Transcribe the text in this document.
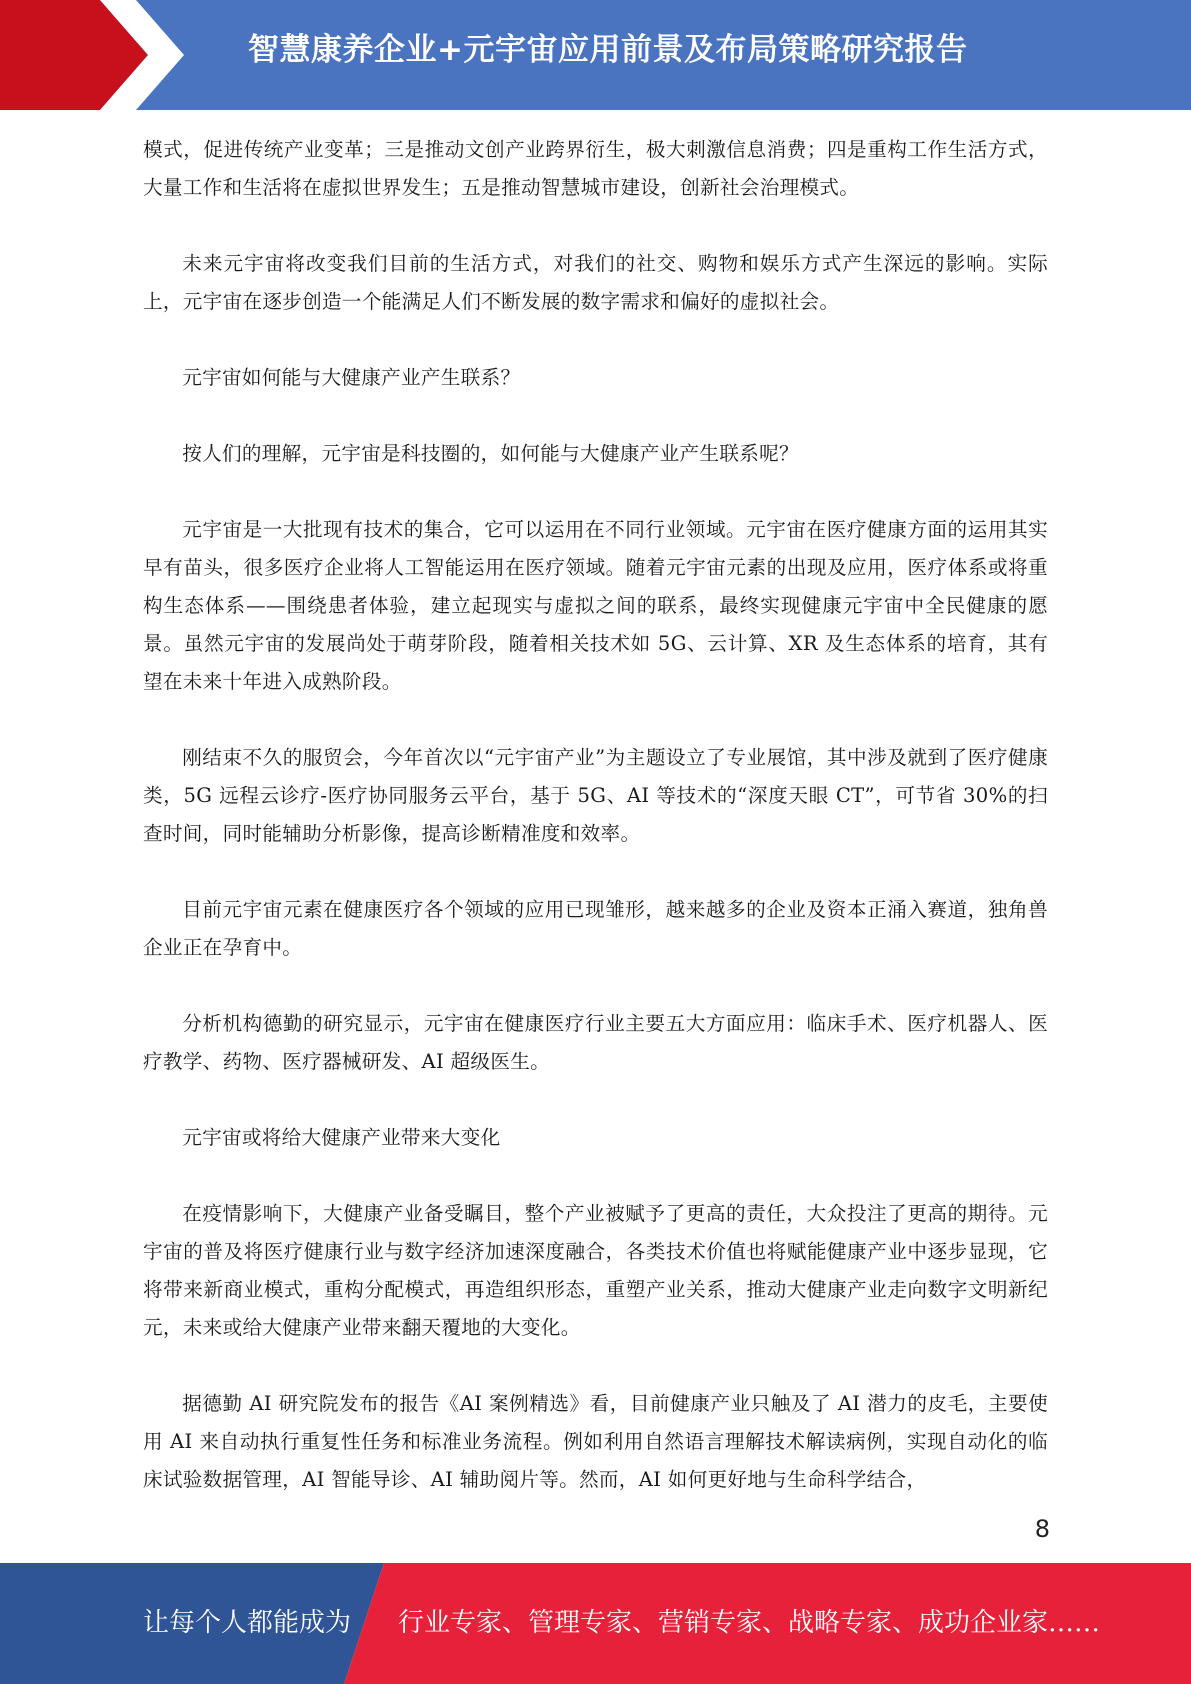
智慧康养企业+元宇宙应用前景及布局策略研究报告

模式，促进传统产业变革；三是推动文创产业跨界衍生，极大刺激信息消费；四是重构工作生活方式，大量工作和生活将在虚拟世界发生；五是推动智慧城市建设，创新社会治理模式。

未来元宇宙将改变我们目前的生活方式，对我们的社交、购物和娱乐方式产生深远的影响。实际上，元宇宙在逐步创造一个能满足人们不断发展的数字需求和偏好的虚拟社会。

元宇宙如何能与大健康产业产生联系？

按人们的理解，元宇宙是科技圈的，如何能与大健康产业产生联系呢？

元宇宙是一大批现有技术的集合，它可以运用在不同行业领域。元宇宙在医疗健康方面的运用其实早有苗头，很多医疗企业将人工智能运用在医疗领域。随着元宇宙元素的出现及应用，医疗体系或将重构生态体系——围绕患者体验，建立起现实与虚拟之间的联系，最终实现健康元宇宙中全民健康的愿景。虽然元宇宙的发展尚处于萌芽阶段，随着相关技术如 5G、云计算、XR 及生态体系的培育，其有望在未来十年进入成熟阶段。

刚结束不久的服贸会，今年首次以“元宇宙产业”为主题设立了专业展馆，其中涉及就到了医疗健康类，5G 远程云诊疗-医疗协同服务云平台，基于 5G、AI 等技术的“深度天眼 CT”，可节省 30%的扫查时间，同时能辅助分析影像，提高诊断精准度和效率。

目前元宇宙元素在健康医疗各个领域的应用已现雏形，越来越多的企业及资本正涌入赛道，独角兽企业正在孕育中。

分析机构德勤的研究显示，元宇宙在健康医疗行业主要五大方面应用：临床手术、医疗机器人、医疗教学、药物、医疗器械研发、AI 超级医生。

元宇宙或将给大健康产业带来大变化

在疫情影响下，大健康产业备受瞩目，整个产业被赋予了更高的责任，大众投注了更高的期待。元宇宙的普及将医疗健康行业与数字经济加速深度融合，各类技术价值也将赋能健康产业中逐步显现，它将带来新商业模式，重构分配模式，再造组织形态，重塑产业关系，推动大健康产业走向数字文明新纪元，未来或给大健康产业带来翻天覆地的大变化。

据德勤 AI 研究院发布的报告《AI 案例精选》看，目前健康产业只触及了 AI 潜力的皮毛，主要使用 AI 来自动执行重复性任务和标准业务流程。例如利用自然语言理解技术解读病例，实现自动化的临床试验数据管理，AI 智能导诊、AI 辅助阅片等。然而，AI 如何更好地与生命科学结合，

8
让每个人都能成为 行业专家、管理专家、营销专家、战略专家、成功企业家……
